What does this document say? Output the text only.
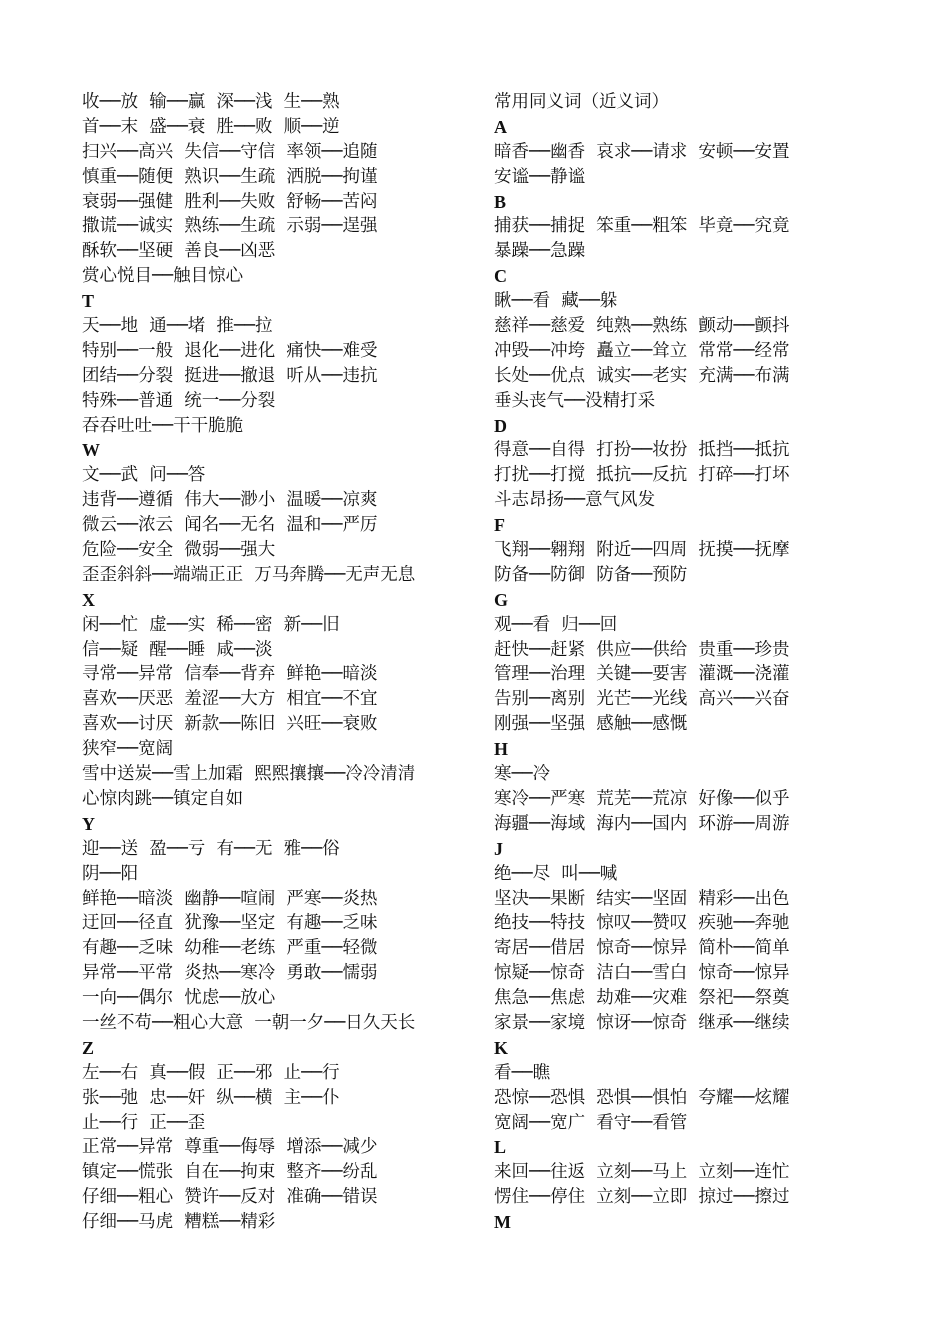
收──放  输──赢  深──浅  生──熟
首──末  盛──衰  胜──败  顺──逆
扫兴──高兴  失信──守信  率领──追随
慎重──随便  熟识──生疏  洒脱──拘谨
衰弱──强健  胜利──失败  舒畅──苦闷
撒谎──诚实  熟练──生疏  示弱──逞强
酥软──坚硬  善良──凶恶
赏心悦目──触目惊心
T
天──地  通──堵  推──拉
特别──一般  退化──进化  痛快──难受
团结──分裂  挺进──撤退  听从──违抗
特殊──普通  统一──分裂
吞吞吐吐──干干脆脆
W
文──武  问──答
违背──遵循  伟大──渺小  温暖──凉爽
微云──浓云  闻名──无名  温和──严厉
危险──安全  微弱──强大
歪歪斜斜──端端正正  万马奔腾──无声无息
X
闲──忙  虚──实  稀──密  新──旧
信──疑  醒──睡  咸──淡
寻常──异常  信奉──背弃  鲜艳──暗淡
喜欢──厌恶  羞涩──大方  相宜──不宜
喜欢──讨厌  新款──陈旧  兴旺──衰败
狭窄──宽阔
雪中送炭──雪上加霜  熙熙攘攘──冷冷清清
心惊肉跳──镇定自如
Y
迎──送  盈──亏  有──无  雅──俗
阴──阳
鲜艳──暗淡  幽静──喧闹  严寒──炎热
迂回──径直  犹豫──坚定  有趣──乏味
有趣──乏味  幼稚──老练  严重──轻微
异常──平常  炎热──寒冷  勇敢──懦弱
一向──偶尔  忧虑──放心
一丝不苟──粗心大意  一朝一夕──日久天长
Z
左──右  真──假  正──邪  止──行
张──弛  忠──奸  纵──横  主──仆
止──行  正──歪
正常──异常  尊重──侮辱  增添──减少
镇定──慌张  自在──拘束  整齐──纷乱
仔细──粗心  赞许──反对  准确──错误
仔细──马虎  糟糕──精彩
常用同义词（近义词）
A
暗香──幽香  哀求──请求  安顿──安置
安谧──静谧
B
捕获──捕捉  笨重──粗笨  毕竟──究竟
暴躁──急躁
C
瞅──看  藏──躲
慈祥──慈爱  纯熟──熟练  颤动──颤抖
冲毁──冲垮  矗立──耸立  常常──经常
长处──优点  诚实──老实  充满──布满
垂头丧气──没精打采
D
得意──自得  打扮──妆扮  抵挡──抵抗
打扰──打搅  抵抗──反抗  打碎──打坏
斗志昂扬──意气风发
F
飞翔──翱翔  附近──四周  抚摸──抚摩
防备──防御  防备──预防
G
观──看  归──回
赶快──赶紧  供应──供给  贵重──珍贵
管理──治理  关键──要害  灌溉──浇灌
告别──离别  光芒──光线  高兴──兴奋
刚强──坚强  感触──感慨
H
寒──冷
寒冷──严寒  荒芜──荒凉  好像──似乎
海疆──海域  海内──国内  环游──周游
J
绝──尽  叫──喊
坚决──果断  结实──坚固  精彩──出色
绝技──特技  惊叹──赞叹  疾驰──奔驰
寄居──借居  惊奇──惊异  简朴──简单
惊疑──惊奇  洁白──雪白  惊奇──惊异
焦急──焦虑  劫难──灾难  祭祀──祭奠
家景──家境  惊讶──惊奇  继承──继续
K
看──瞧
恐惊──恐惧  恐惧──惧怕  夸耀──炫耀
宽阔──宽广  看守──看管
L
来回──往返  立刻──马上  立刻──连忙
愣住──停住  立刻──立即  掠过──擦过
M
